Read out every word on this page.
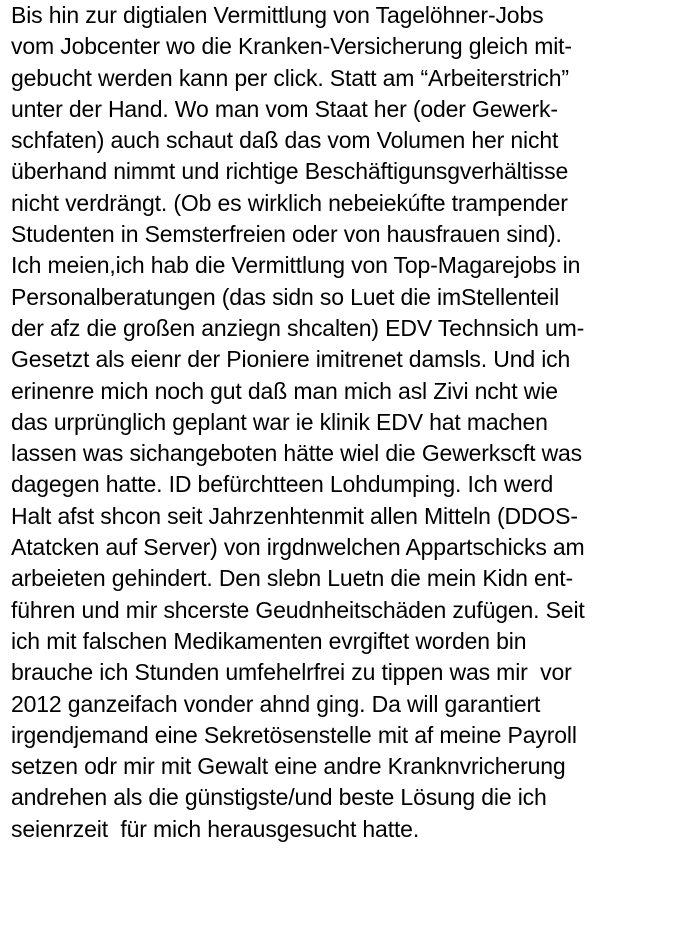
Bis hin zur digtialen Vermittlung von Tagelöhner-Jobs
vom Jobcenter wo die Kranken-Versicherung gleich mit-
gebucht werden kann per click. Statt am “Arbeiterstrich”
unter der Hand. Wo man vom Staat her (oder Gewerk-
schfaten) auch schaut daß das vom Volumen her nicht
überhand nimmt und richtige Beschäftigunsgverhältisse
nicht verdrängt. (Ob es wirklich nebeiekúfte trampender
Studenten in Semsterfreien oder von hausfrauen sind).
Ich meien,ich hab die Vermittlung von Top-Magarejobs in
Personalberatungen (das sidn so Luet die imStellenteil
der afz die großen anziegn shcalten) EDV Technsich um-
Gesetzt als eienr der Pioniere imitrenet damsls. Und ich
erinenre mich noch gut daß man mich asl Zivi ncht wie
das urprünglich geplant war ie klinik EDV hat machen
lassen was sichangeboten hätte wiel die Gewerkscft was
dagegen hatte. ID befürchtteen Lohdumping. Ich werd
Halt afst shcon seit Jahrzenhtenmit allen Mitteln (DDOS-
Atatcken auf Server) von irgdnwelchen Appartschicks am
arbeieten gehindert. Den slebn Luetn die mein Kidn ent-
führen und mir shcerste Geudnheitschäden zufügen. Seit
ich mit falschen Medikamenten evrgiftet worden bin
brauche ich Stunden umfehelrfrei zu tippen was mir  vor
2012 ganzeifach vonder ahnd ging. Da will garantiert
irgendjemand eine Sekretösenstelle mit af meine Payroll
setzen odr mir mit Gewalt eine andre Kranknvricherung
andrehen als die günstigste/und beste Lösung die ich
seienrzeit  für mich herausgesucht hatte.
